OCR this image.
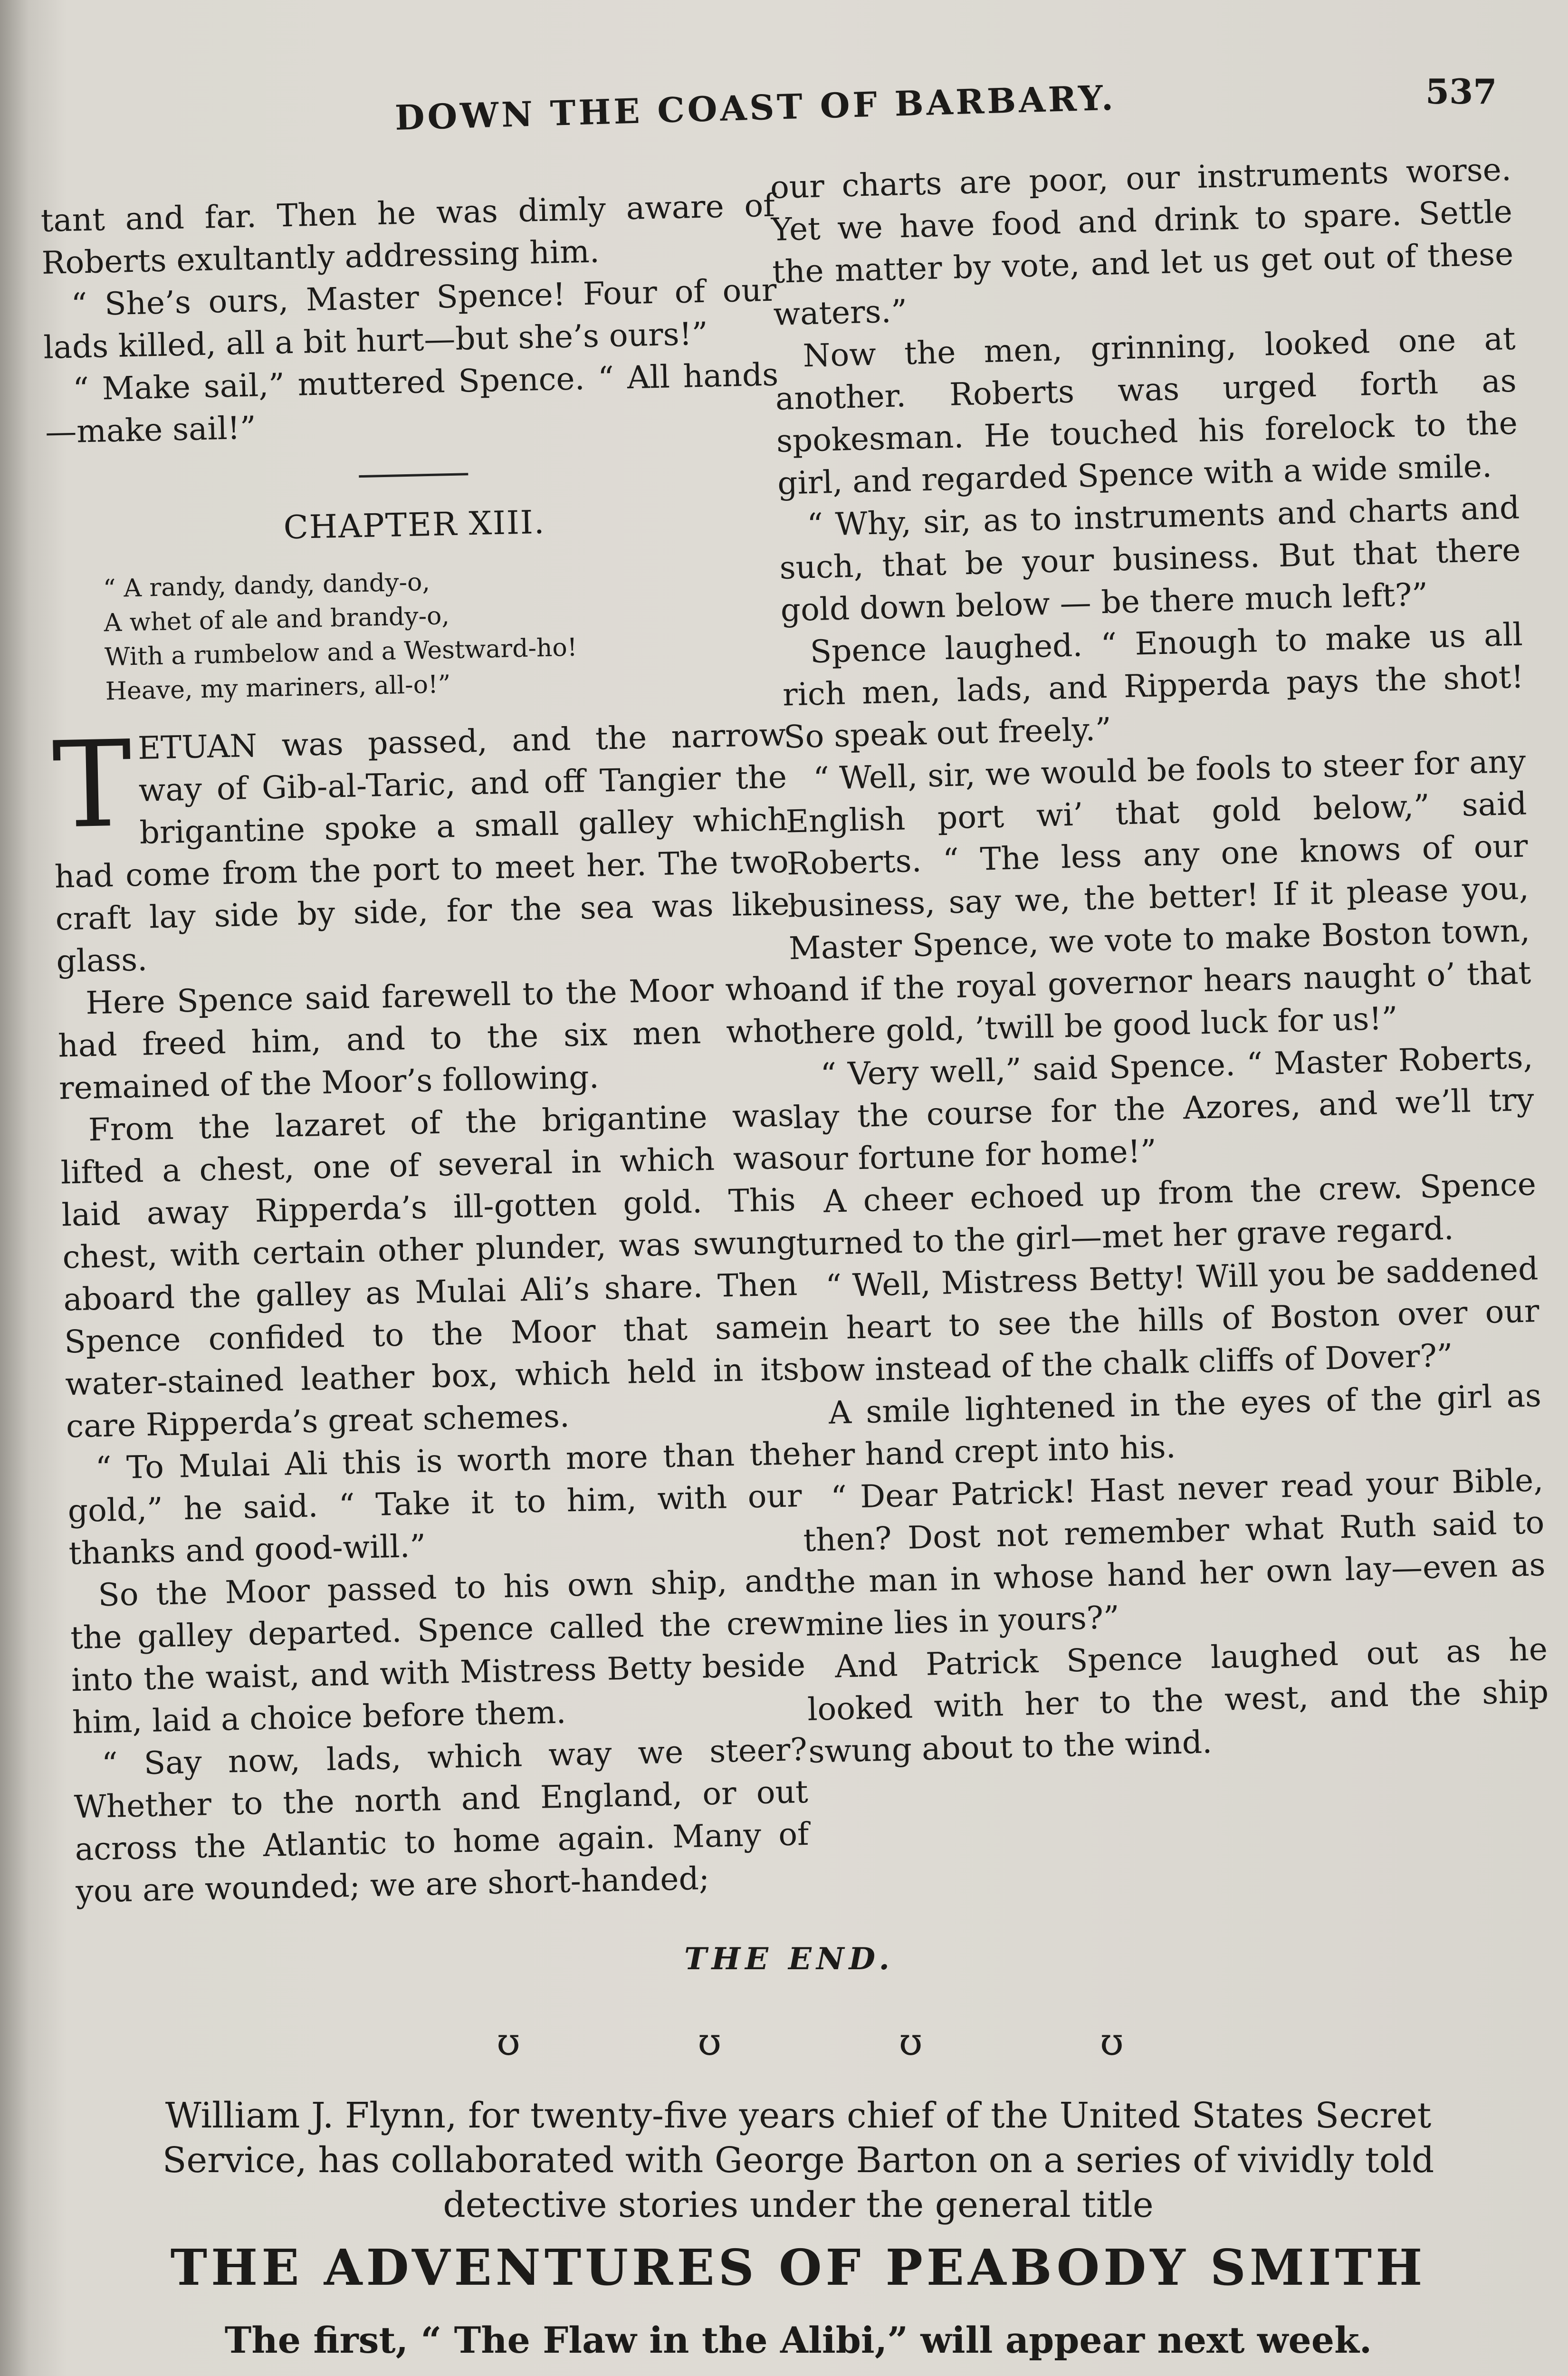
DOWN THE COAST OF BARBARY.	537

tant and far. Then he was dimly aware of Roberts exultantly addressing him.

“ She’s ours, Master Spence! Four of our lads killed, all a bit hurt—but she’s ours!”

“ Make sail,” muttered Spence. “ All hands—make sail!”

CHAPTER XIII.
“ A randy, dandy, dandy-o,
A whet of ale and brandy-o,
With a rumbelow and a Westward-ho!
Heave, my mariners, all-o!”

TETUAN was passed, and the narrow way of Gib-al-Taric, and off Tangier the brigantine spoke a small galley which had come from the port to meet her. The two craft lay side by side, for the sea was like glass.

Here Spence said farewell to the Moor who had freed him, and to the six men who remained of the Moor’s following.

From the lazaret of the brigantine was lifted a chest, one of several in which was laid away Ripperda’s ill-gotten gold. This chest, with certain other plunder, was swung aboard the galley as Mulai Ali’s share. Then Spence confided to the Moor that same water-stained leather box, which held in its care Ripperda’s great schemes.

“ To Mulai Ali this is worth more than the gold,” he said. “ Take it to him, with our thanks and good-will.”

So the Moor passed to his own ship, and the galley departed. Spence called the crew into the waist, and with Mistress Betty beside him, laid a choice before them.

“ Say now, lads, which way we steer? Whether to the north and England, or out across the Atlantic to home again. Many of you are wounded; we are short-handed;

our charts are poor, our instruments worse. Yet we have food and drink to spare. Settle the matter by vote, and let us get out of these waters.”

Now the men, grinning, looked one at another. Roberts was urged forth as spokesman. He touched his forelock to the girl, and regarded Spence with a wide smile.

“ Why, sir, as to instruments and charts and such, that be your business. But that there gold down below — be there much left?”

Spence laughed. “ Enough to make us all rich men, lads, and Ripperda pays the shot! So speak out freely.”

“ Well, sir, we would be fools to steer for any English port wi’ that gold below,” said Roberts. “ The less any one knows of our business, say we, the better! If it please you, Master Spence, we vote to make Boston town, and if the royal governor hears naught o’ that there gold, ’twill be good luck for us!”

“ Very well,” said Spence. “ Master Roberts, lay the course for the Azores, and we’ll try our fortune for home!”

A cheer echoed up from the crew. Spence turned to the girl—met her grave regard.

“ Well, Mistress Betty! Will you be saddened in heart to see the hills of Boston over our bow instead of the chalk cliffs of Dover?”

A smile lightened in the eyes of the girl as her hand crept into his.

“ Dear Patrick! Hast never read your Bible, then? Dost not remember what Ruth said to the man in whose hand her own lay—even as mine lies in yours?”

And Patrick Spence laughed out as he looked with her to the west, and the ship swung about to the wind.

THE END.
ʊ	ʊ	ʊ	ʊ
William J. Flynn, for twenty-five years chief of the United States Secret Service, has collaborated with George Barton on a series of vividly told detective stories under the general title
THE ADVENTURES OF PEABODY SMITH
The first, “ The Flaw in the Alibi,” will appear next week.
